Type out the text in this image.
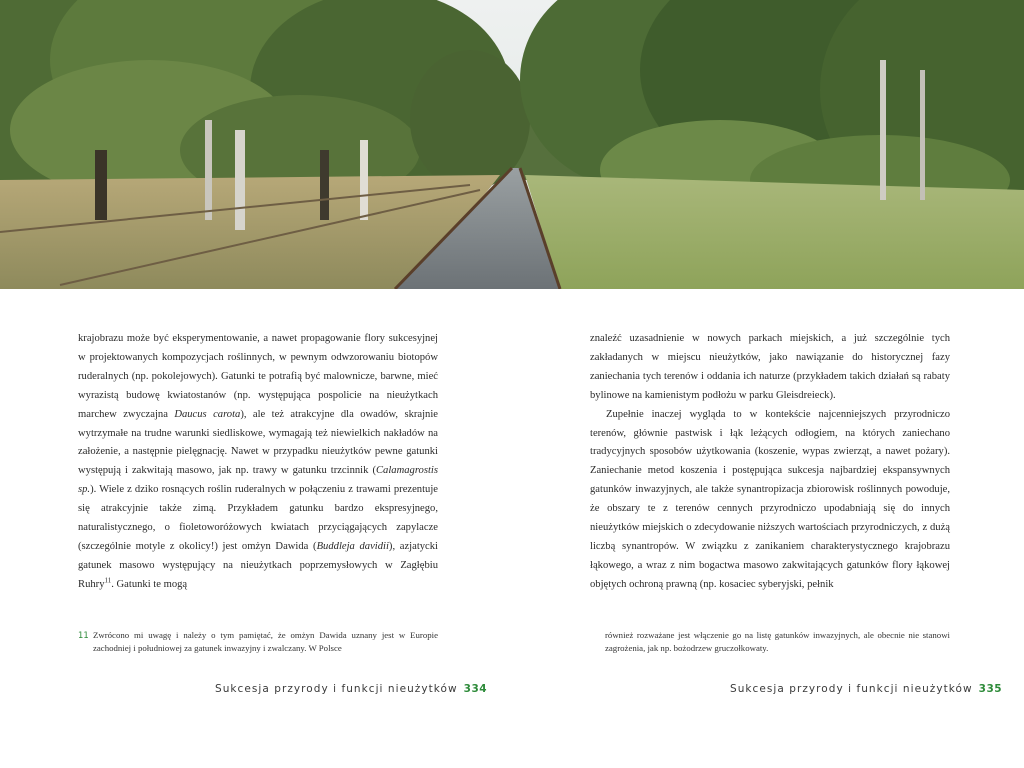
krajobrazu może być eksperymentowanie, a nawet propagowanie flory sukcesyjnej w projektowanych kompozycjach roślinnych, w pewnym odwzorowaniu biotopów ruderalnych (np. pokolejowych). Gatunki te potrafią być malownicze, barwne, mieć wyrazistą budowę kwiatostanów (np. występująca pospolicie na nieużytkach marchew zwyczajna Daucus carota), ale też atrakcyjne dla owadów, skrajnie wytrzymałe na trudne warunki siedliskowe, wymagają też niewielkich nakładów na założenie, a następnie pielęgnację. Nawet w przypadku nieużytków pewne gatunki występują i zakwitają masowo, jak np. trawy w gatunku trzcinnik (Calamagrostis sp.). Wiele z dziko rosnących roślin ruderalnych w połączeniu z trawami prezentuje się atrakcyjnie także zimą. Przykładem gatunku bardzo ekspresyjnego, naturalistycznego, o fioletoworóżowych kwiatach przyciągających zapylacze (szczególnie motyle z okolicy!) jest omżyn Dawida (Buddleja davidii), azjatycki gatunek masowo występujący na nieużytkach poprzemysłowych w Zagłębiu Ruhry$^{11}$. Gatunki te mogą

11 Zwrócono mi uwagę i należy o tym pamiętać, że omżyn Dawida uznany jest w Europie zachodniej i południowej za gatunek inwazyjny i zwalczany. W Polsce
Sukcesja przyrody i funkcji nieużytków 334

znaleźć uzasadnienie w nowych parkach miejskich, a już szczególnie tych zakładanych w miejscu nieużytków, jako nawiązanie do historycznej fazy zaniechania tych terenów i oddania ich naturze (przykładem takich działań są rabaty bylinowe na kamienistym podłożu w parku Gleisdreieck).

Zupełnie inaczej wygląda to w kontekście najcenniejszych przyrodniczo terenów, głównie pastwisk i łąk leżących odłogiem, na których zaniechano tradycyjnych sposobów użytkowania (koszenie, wypas zwierząt, a nawet pożary). Zaniechanie metod koszenia i postępująca sukcesja najbardziej ekspansywnych gatunków inwazyjnych, ale także synantropizacja zbiorowisk roślinnych powoduje, że obszary te z terenów cennych przyrodniczo upodabniają się do innych nieużytków miejskich o zdecydowanie niższych wartościach przyrodniczych, z dużą liczbą synantropów. W związku z zanikaniem charakterystycznego krajobrazu łąkowego, a wraz z nim bogactwa masowo zakwitających gatunków flory łąkowej objętych ochroną prawną (np. kosaciec syberyjski, pełnik

również rozważane jest włączenie go na listę gatunków inwazyjnych, ale obecnie nie stanowi zagrożenia, jak np. bożodrzew gruczołkowaty.
Sukcesja przyrody i funkcji nieużytków 335
